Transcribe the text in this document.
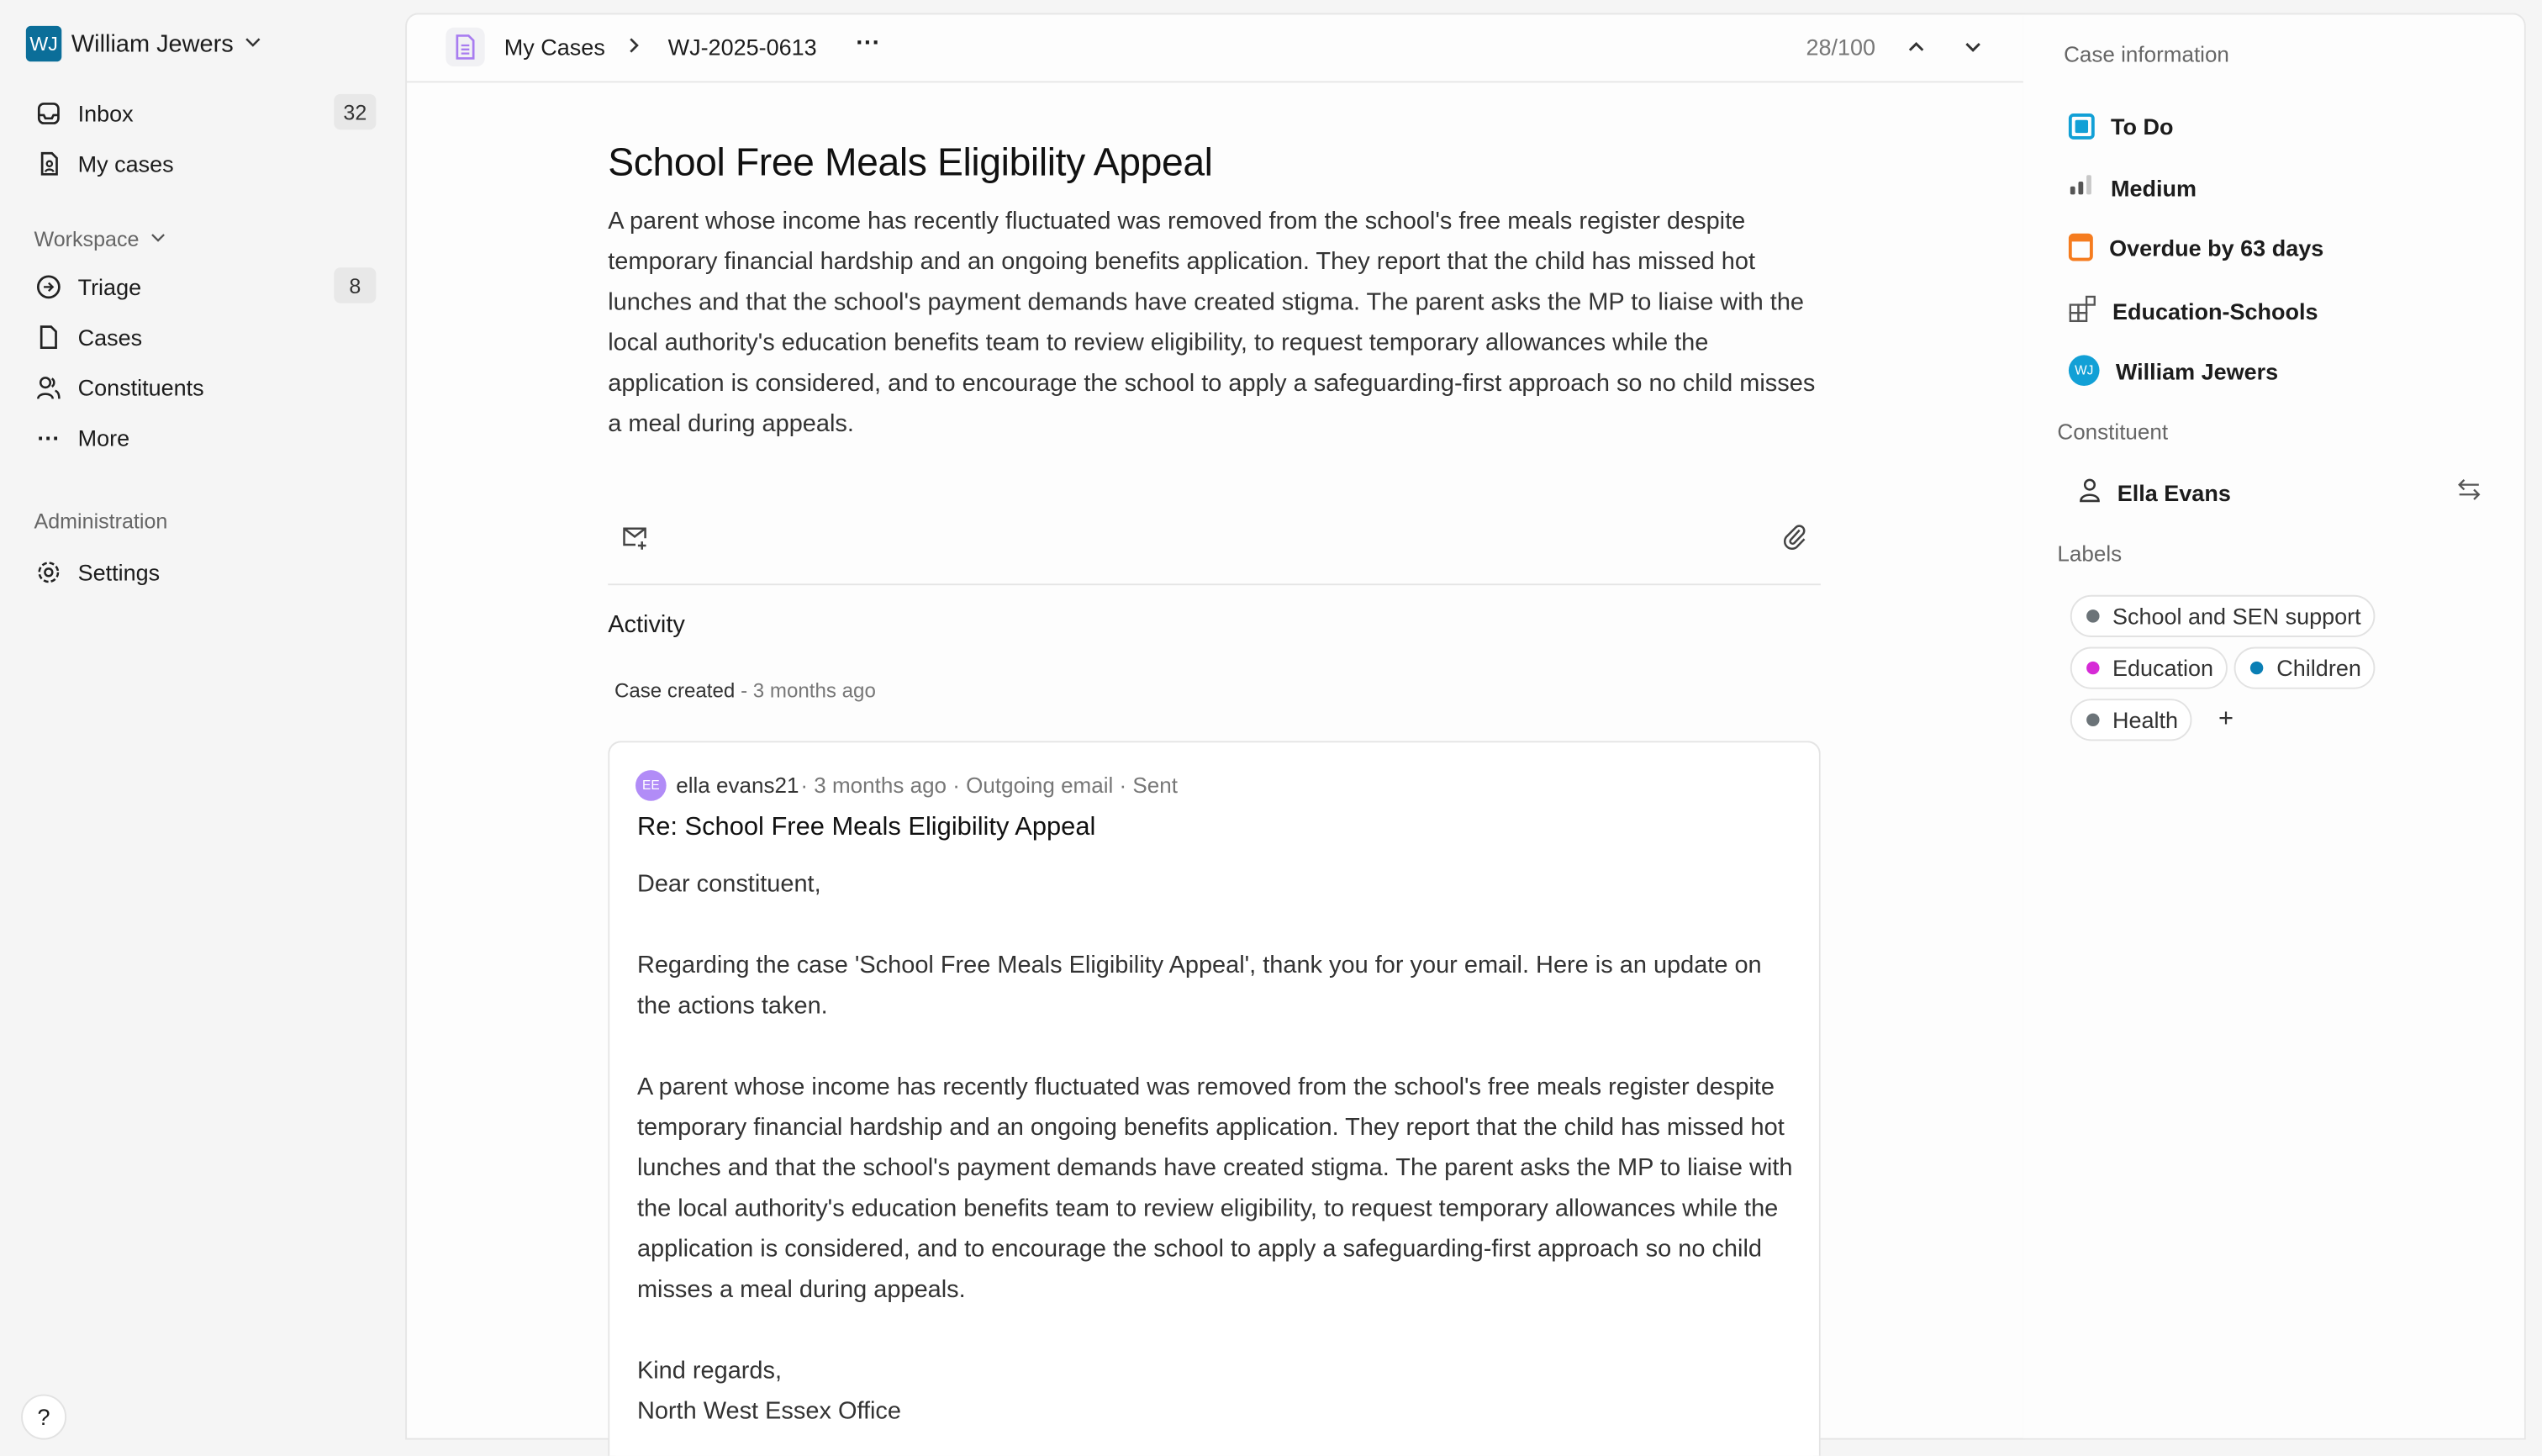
WJ	William Jewers
Inbox	32
My cases
Workspace
Triage	8
Cases
Constituents
··· More
Administration
Settings
?
My Cases	WJ-2025-0613	···	28/100
School Free Meals Eligibility Appeal

A parent whose income has recently fluctuated was removed from the school's free meals register despite temporary financial hardship and an ongoing benefits application. They report that the child has missed hot lunches and that the school's payment demands have created stigma. The parent asks the MP to liaise with the local authority's education benefits team to review eligibility, to request temporary allowances while the application is considered, and to encourage the school to apply a safeguarding-first approach so no child misses a meal during appeals.

Activity
Case created - 3 months ago
EE	ella evans21 · 3 months ago · Outgoing email · Sent
Re: School Free Meals Eligibility Appeal

Dear constituent,

Regarding the case 'School Free Meals Eligibility Appeal', thank you for your email. Here is an update on the actions taken.

A parent whose income has recently fluctuated was removed from the school's free meals register despite temporary financial hardship and an ongoing benefits application. They report that the child has missed hot lunches and that the school's payment demands have created stigma. The parent asks the MP to liaise with the local authority's education benefits team to review eligibility, to request temporary allowances while the application is considered, and to encourage the school to apply a safeguarding-first approach so no child misses a meal during appeals.

Kind regards,

North West Essex Office

Case information
To Do
Medium
Overdue by 63 days
Education-Schools
WJ	William Jewers
Constituent
Ella Evans
Labels
School and SEN support

Education	Children

Health	+
